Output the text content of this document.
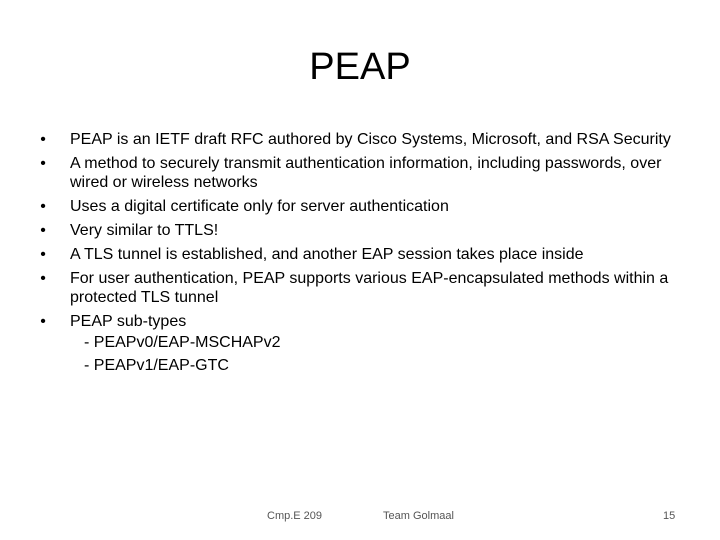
PEAP
• PEAP is an IETF draft RFC authored by Cisco Systems, Microsoft, and RSA Security
• A method to securely transmit authentication information, including passwords, over wired or wireless networks
• Uses a digital certificate only for server authentication
• Very similar to TTLS!
• A TLS tunnel is established, and another EAP session takes place inside
• For user authentication, PEAP supports various EAP-encapsulated methods within a protected TLS tunnel
• PEAP sub-types
- PEAPv0/EAP-MSCHAPv2
- PEAPv1/EAP-GTC
Cmp.E 209	Team Golmaal	15
